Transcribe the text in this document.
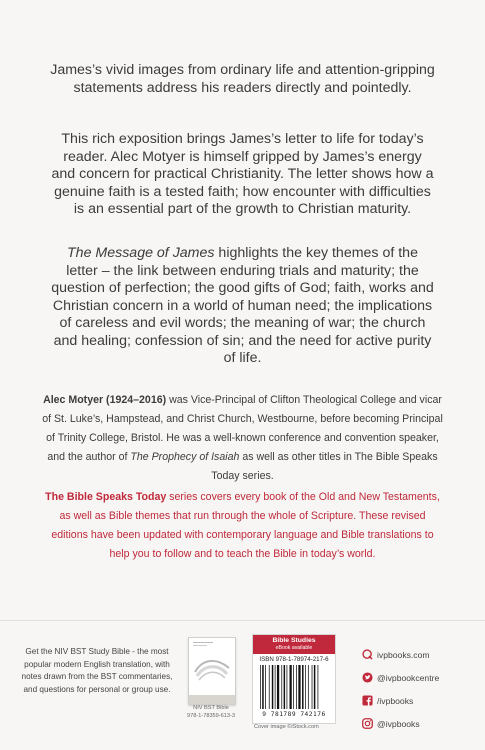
James’s vivid images from ordinary life and attention-gripping statements address his readers directly and pointedly.
This rich exposition brings James’s letter to life for today’s reader. Alec Motyer is himself gripped by James’s energy and concern for practical Christianity. The letter shows how a genuine faith is a tested faith; how encounter with difficulties is an essential part of the growth to Christian maturity.
The Message of James highlights the key themes of the letter – the link between enduring trials and maturity; the question of perfection; the good gifts of God; faith, works and Christian concern in a world of human need; the implications of careless and evil words; the meaning of war; the church and healing; confession of sin; and the need for active purity of life.
Alec Motyer (1924–2016) was Vice-Principal of Clifton Theological College and vicar of St. Luke’s, Hampstead, and Christ Church, Westbourne, before becoming Principal of Trinity College, Bristol. He was a well-known conference and convention speaker, and the author of The Prophecy of Isaiah as well as other titles in The Bible Speaks Today series.
The Bible Speaks Today series covers every book of the Old and New Testaments, as well as Bible themes that run through the whole of Scripture. These revised editions have been updated with contemporary language and Bible translations to help you to follow and to teach the Bible in today’s world.
Get the NIV BST Study Bible - the most popular modern English translation, with notes drawn from the BST commentaries, and questions for personal or group use.
NIV BST Bible
978-1-78359-613-3
Bible Studies
eBook available
ISBN 978-1-78974-217-6
9 781789 742176
Cover image ©iStock.com
ivpbooks.com
@ivpbookcentre
/ivpbooks
@ivpbooks
